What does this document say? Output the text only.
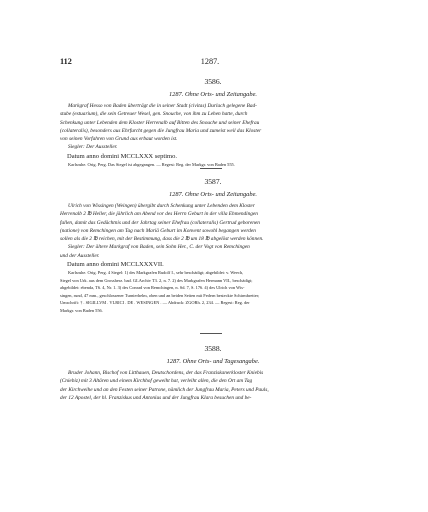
112	1287.
3586.
1287. Ohne Orts- und Zeitangabe.
Markgraf Hesso von Baden überträgt die in seiner Stadt (civitas) Durlach gelegene Bad-
stube (estuarium), die sein Getreuer Wesel, gen. Snouche, von ihm zu Lehen hatte, durch
Schenkung unter Lebenden dem Kloster Herrenalb auf Bitten des Snouche und seiner Ehefrau
(collateralis), besonders aus Ehrfurcht gegen die Jungfrau Maria und zumeist weil das Kloster
von seinen Vorfahren von Grund aus erbaut worden ist.
Siegler: Der Aussteller.
Datum anno domini MCCLXXX septimo.
Karlsruhe. Orig. Perg. Das Siegel ist abgegangen. — Regest: Reg. der Markgr. von Baden 555.
3587.
1287. Ohne Orts- und Zeitangabe.
Ulrich von Wissingen (Weingen) übergibt durch Schenkung unter Lebenden dem Kloster
Herrenalb 2 ℔ Heller, die jährlich am Abend vor des Herrn Geburt in der villa Ehmendingen
fallen, damit das Gedächtnis und der Jahrtag seiner Ehefrau (collateralis) Gertrud geborenen
(natione) von Remchingen am Tag nach Mariä Geburt im Konvent sowohl begangen werden
sollen als die 2 ℔ reichen, mit der Bestimmung, dass die 2 ℔ um 18 ℔ abgelöst werden können.
Siegler: Der ältere Markgraf von Baden, sein Sohn Her., C. der Vogt von Remchingen
und der Aussteller.
Datum anno domini MCCLXXXVII.
Karlsruhe. Orig. Perg. 4 Siegel: 1) des Markgrafen Rudolf I., sehr beschädigt; abgebildet: v. Weech,
Siegel von Urk. aus dem Grossherz. bad. GLArchiv T3. 2, n. 7. 2) des Markgrafen Hermann VII., beschädigt;
abgebildet: ebenda, T6. 4, Nr. 1. 3) des Conrad von Remchingen, n. Sd. 7, S. 176. 4) des Ulrich von Wis-
singen, rund, 47 mm., geschlossener Turnierhelm, oben und an beiden Seiten mit Federn besteckte Schirmbretter;
Umschrift: † . SIGILLVM . VLRICI . DE . WESINGEN . — Abdruck: ZGORh. 2, 234. — Regest: Reg. der
Markgr. von Baden 556.
3588.
1287. Ohne Orts- und Tagesangabe.
Bruder Johann, Bischof von Litthauen, Deutschordens, der das Franziskanerkloster Kniebis
(Cniebiz) mit 3 Altären und einem Kirchhof geweiht hat, verleiht allen, die den Ort am Tag
der Kirchweihe und an den Festen seiner Patrone, nämlich der Jungfrau Maria, Peters und Pauls,
der 12 Apostel, der hl. Franziskus und Antonius und der Jungfrau Klara besuchen und be-
